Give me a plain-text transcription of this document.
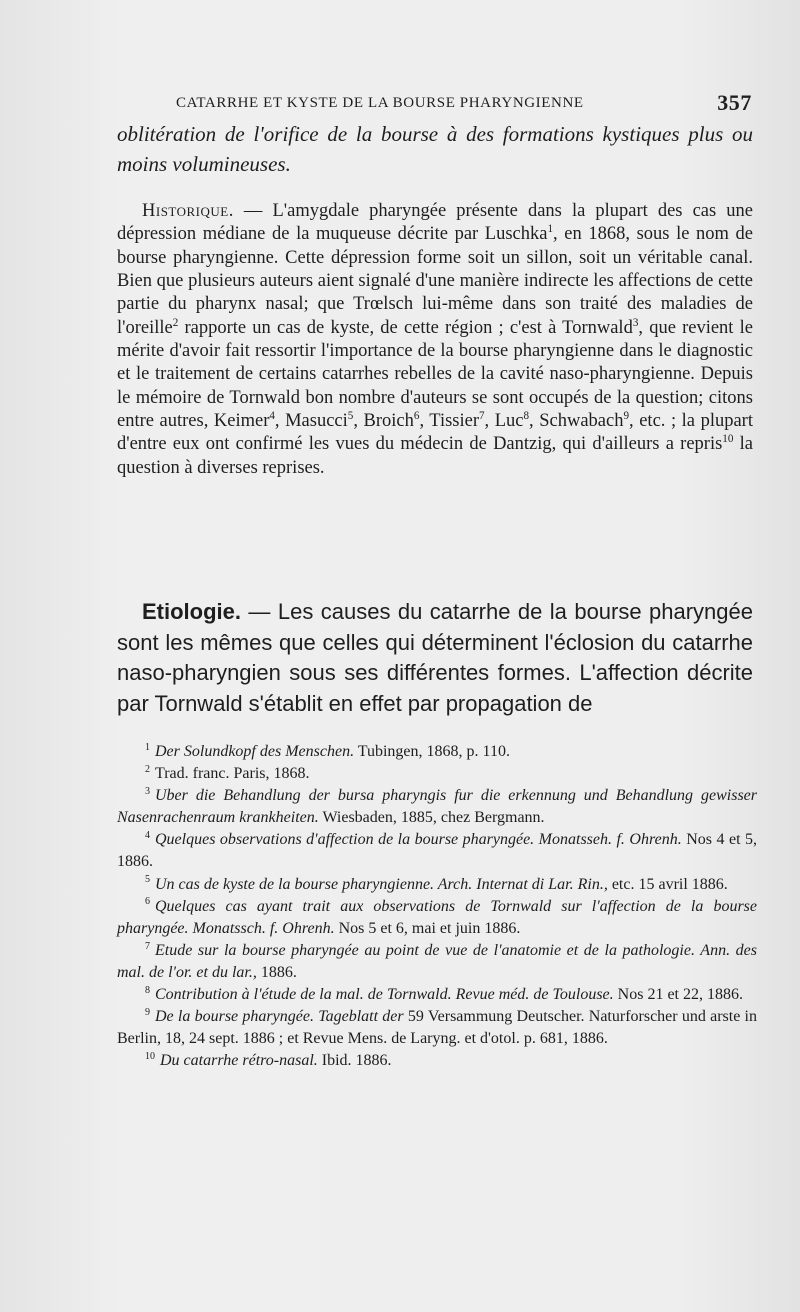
CATARRHE ET KYSTE DE LA BOURSE PHARYNGIENNE	357

oblitération de l'orifice de la bourse à des formations kystiques plus ou moins volumineuses.

Historique. — L'amygdale pharyngée présente dans la plupart des cas une dépression médiane de la muqueuse décrite par Luschka$^1$, en 1868, sous le nom de bourse pharyngienne. Cette dépression forme soit un sillon, soit un véritable canal. Bien que plusieurs auteurs aient signalé d'une manière indirecte les affections de cette partie du pharynx nasal; que Trœlsch lui-même dans son traité des maladies de l'oreille$^2$ rapporte un cas de kyste, de cette région ; c'est à Tornwald$^3$, que revient le mérite d'avoir fait ressortir l'importance de la bourse pharyngienne dans le diagnostic et le traitement de certains catarrhes rebelles de la cavité naso-pharyngienne. Depuis le mémoire de Tornwald bon nombre d'auteurs se sont occupés de la question; citons entre autres, Keimer$^4$, Masucci$^5$, Broich$^6$, Tissier$^7$, Luc$^8$, Schwabach$^9$, etc. ; la plupart d'entre eux ont confirmé les vues du médecin de Dantzig, qui d'ailleurs a repris$^{10}$ la question à diverses reprises.

Etiologie. — Les causes du catarrhe de la bourse pharyngée sont les mêmes que celles qui déterminent l'éclosion du catarrhe naso-pharyngien sous ses différentes formes. L'affection décrite par Tornwald s'établit en effet par propagation de

$^1$ Der Solundkopf des Menschen. Tubingen, 1868, p. 110.
$^2$ Trad. franc. Paris, 1868.
$^3$ Uber die Behandlung der bursa pharyngis fur die erkennung und Behandlung gewisser Nasenrachenraum krankheiten. Wiesbaden, 1885, chez Bergmann.
$^4$ Quelques observations d'affection de la bourse pharyngée. Monatsseh. f. Ohrenh. Nos 4 et 5, 1886.
$^5$ Un cas de kyste de la bourse pharyngienne. Arch. Internat di Lar. Rin., etc. 15 avril 1886.
$^6$ Quelques cas ayant trait aux observations de Tornwald sur l'affection de la bourse pharyngée. Monatssch. f. Ohrenh. Nos 5 et 6, mai et juin 1886.
$^7$ Etude sur la bourse pharyngée au point de vue de l'anatomie et de la pathologie. Ann. des mal. de l'or. et du lar., 1886.
$^8$ Contribution à l'étude de la mal. de Tornwald. Revue méd. de Toulouse. Nos 21 et 22, 1886.
$^9$ De la bourse pharyngée. Tageblatt der 59 Versammung Deutscher. Naturforscher und arste in Berlin, 18, 24 sept. 1886 ; et Revue Mens. de Laryng. et d'otol. p. 681, 1886.
$^{10}$ Du catarrhe rétro-nasal. Ibid. 1886.
